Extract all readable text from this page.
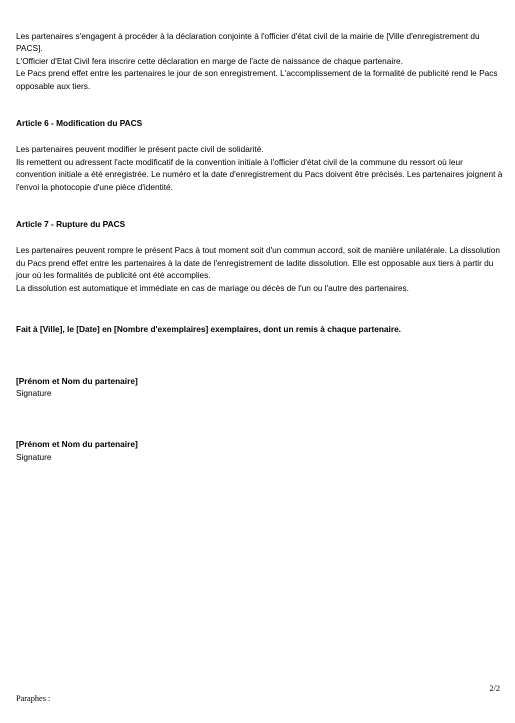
Les partenaires s'engagent à procéder à la déclaration conjointe à l'officier d'état civil de la mairie de [Ville d'enregistrement du PACS].

L'Officier d'Etat Civil fera inscrire cette déclaration en marge de l'acte de naissance de chaque partenaire.

Le Pacs prend effet entre les partenaires le jour de son enregistrement. L'accomplissement de la formalité de publicité rend le Pacs opposable aux tiers.

Article 6 - Modification du PACS

Les partenaires peuvent modifier le présent pacte civil de solidarité.

Ils remettent ou adressent l'acte modificatif de la convention initiale à l'officier d'état civil de la commune du ressort où leur convention initiale a été enregistrée. Le numéro et la date d'enregistrement du Pacs doivent être précisés. Les partenaires joignent à l'envoi la photocopie d'une pièce d'identité.

Article 7 - Rupture du PACS

Les partenaires peuvent rompre le présent Pacs à tout moment soit d'un commun accord, soit de manière unilatérale. La dissolution du Pacs prend effet entre les partenaires à la date de l'enregistrement de ladite dissolution. Elle est opposable aux tiers à partir du jour où les formalités de publicité ont été accomplies.

La dissolution est automatique et immédiate en cas de mariage ou décès de l'un ou l'autre des partenaires.

Fait à [Ville], le [Date] en [Nombre d'exemplaires] exemplaires, dont un remis à chaque partenaire.

[Prénom et Nom du partenaire]

Signature

[Prénom et Nom du partenaire]

Signature

2/2
Paraphes :
